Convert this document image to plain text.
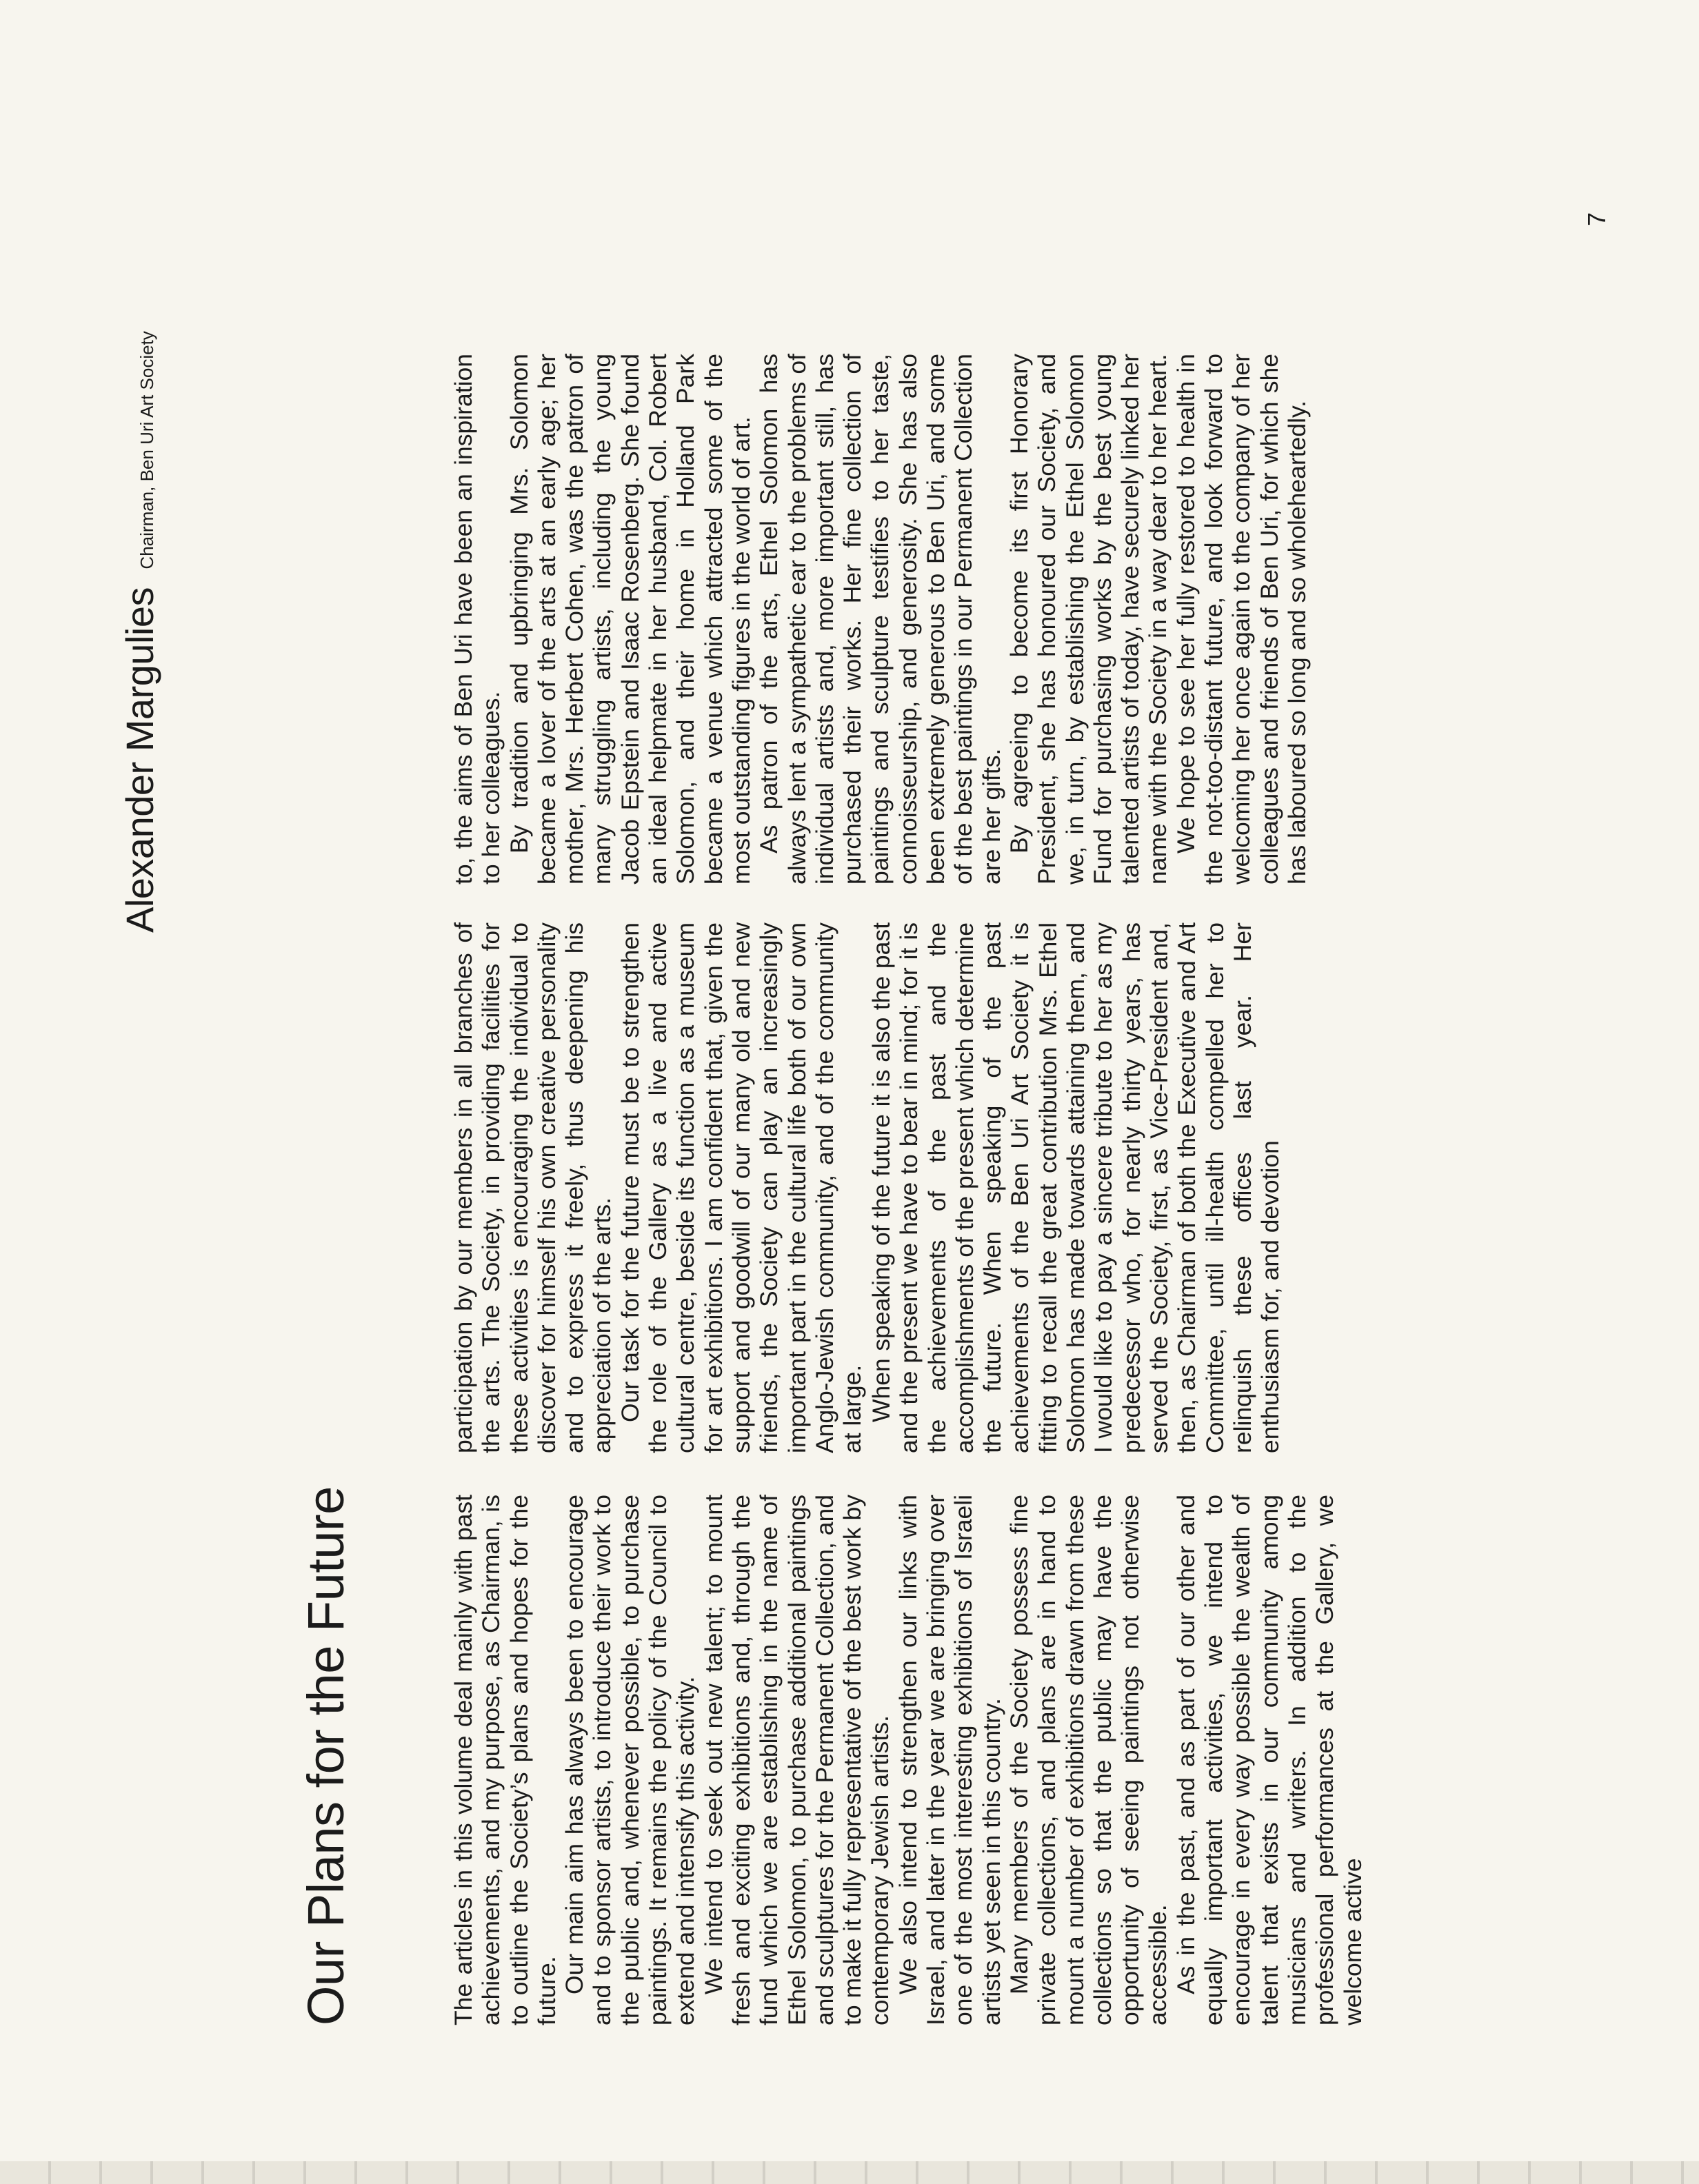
Our Plans for the Future
Alexander Margulies Chairman, Ben Uri Art Society

The articles in this volume deal mainly with past achievements, and my purpose, as Chairman, is to outline the Society’s plans and hopes for the future. Our main aim has always been to encourage and to sponsor artists, to introduce their work to the public and, whenever possible, to purchase paintings. It remains the policy of the Council to extend and intensify this activity. We intend to seek out new talent; to mount fresh and exciting exhibitions and, through the fund which we are establishing in the name of Ethel Solomon, to purchase additional paintings and sculptures for the Permanent Collection, and to make it fully representative of the best work by contemporary Jewish artists. We also intend to strengthen our links with Israel, and later in the year we are bringing over one of the most interesting exhibitions of Israeli artists yet seen in this country. Many members of the Society possess fine private collections, and plans are in hand to mount a number of exhibitions drawn from these collections so that the public may have the opportunity of seeing paintings not otherwise accessible. As in the past, and as part of our other and equally important activities, we intend to encourage in every way possible the wealth of talent that exists in our community among musicians and writers. In addition to the professional performances at the Gallery, we welcome active

participation by our members in all branches of the arts. The Society, in providing facilities for these activities is encouraging the individual to discover for himself his own creative personality and to express it freely, thus deepening his appreciation of the arts. Our task for the future must be to strengthen the role of the Gallery as a live and active cultural centre, beside its function as a museum for art exhibitions. I am confident that, given the support and goodwill of our many old and new friends, the Society can play an increasingly important part in the cultural life both of our own Anglo-Jewish community, and of the community at large. When speaking of the future it is also the past and the present we have to bear in mind; for it is the achievements of the past and the accomplishments of the present which determine the future. When speaking of the past achievements of the Ben Uri Art Society it is fitting to recall the great contribution Mrs. Ethel Solomon has made towards attaining them, and I would like to pay a sincere tribute to her as my predecessor who, for nearly thirty years, has served the Society, first, as Vice-President and, then, as Chairman of both the Executive and Art Committee, until ill-health compelled her to relinquish these offices last year. Her enthusiasm for, and devotion

to, the aims of Ben Uri have been an inspiration to her colleagues. By tradition and upbringing Mrs. Solomon became a lover of the arts at an early age; her mother, Mrs. Herbert Cohen, was the patron of many struggling artists, including the young Jacob Epstein and Isaac Rosenberg. She found an ideal helpmate in her husband, Col. Robert Solomon, and their home in Holland Park became a venue which attracted some of the most outstanding figures in the world of art. As patron of the arts, Ethel Solomon has always lent a sympathetic ear to the problems of individual artists and, more important still, has purchased their works. Her fine collection of paintings and sculpture testifies to her taste, connoisseurship, and generosity. She has also been extremely generous to Ben Uri, and some of the best paintings in our Permanent Collection are her gifts. By agreeing to become its first Honorary President, she has honoured our Society, and we, in turn, by establishing the Ethel Solomon Fund for purchasing works by the best young talented artists of today, have securely linked her name with the Society in a way dear to her heart. We hope to see her fully restored to health in the not-too-distant future, and look forward to welcoming her once again to the company of her colleagues and friends of Ben Uri, for which she has laboured so long and so wholeheartedly.

7
